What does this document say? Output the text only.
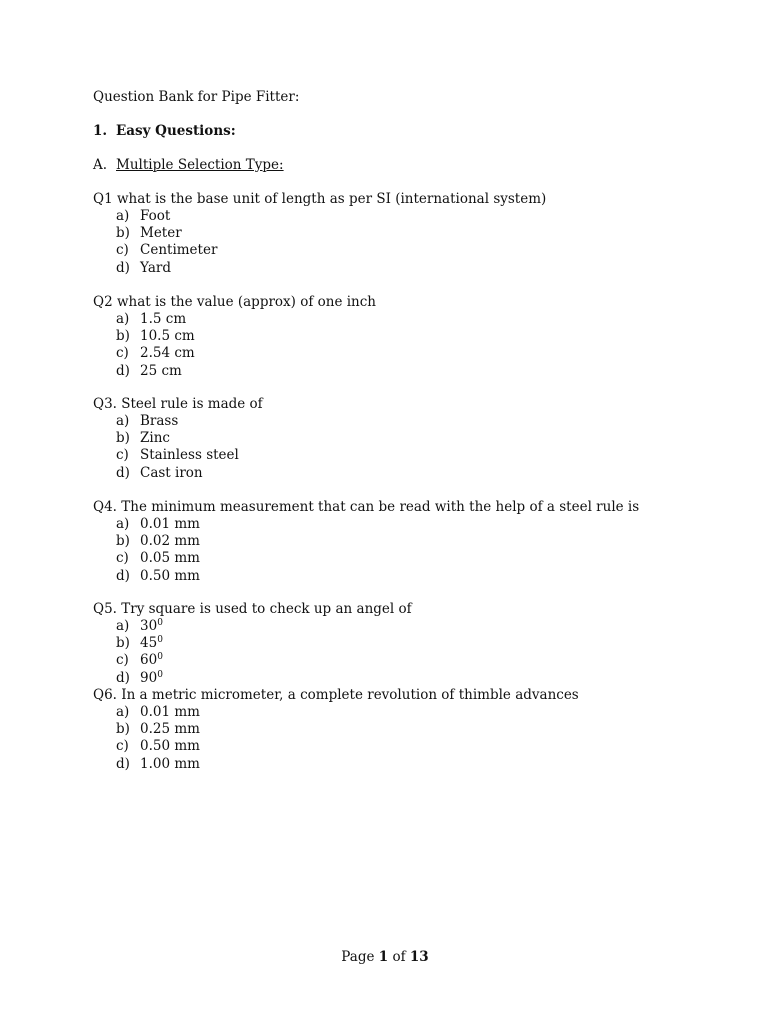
Question Bank for Pipe Fitter:
1. Easy Questions:
A. Multiple Selection Type:
Q1 what is the base unit of length as per SI (international system)
a) Foot
b) Meter
c) Centimeter
d) Yard
Q2 what is the value (approx) of one inch
a) 1.5 cm
b) 10.5 cm
c) 2.54 cm
d) 25 cm
Q3. Steel rule is made of
a) Brass
b) Zinc
c) Stainless steel
d) Cast iron
Q4. The minimum measurement that can be read with the help of a steel rule is
a) 0.01 mm
b) 0.02 mm
c) 0.05 mm
d) 0.50 mm
Q5. Try square is used to check up an angel of
a) $30^0$
b) $45^0$
c) $60^0$
d) $90^0$
Q6. In a metric micrometer, a complete revolution of thimble advances
a) 0.01 mm
b) 0.25 mm
c) 0.50 mm
d) 1.00 mm
Page 1 of 13
